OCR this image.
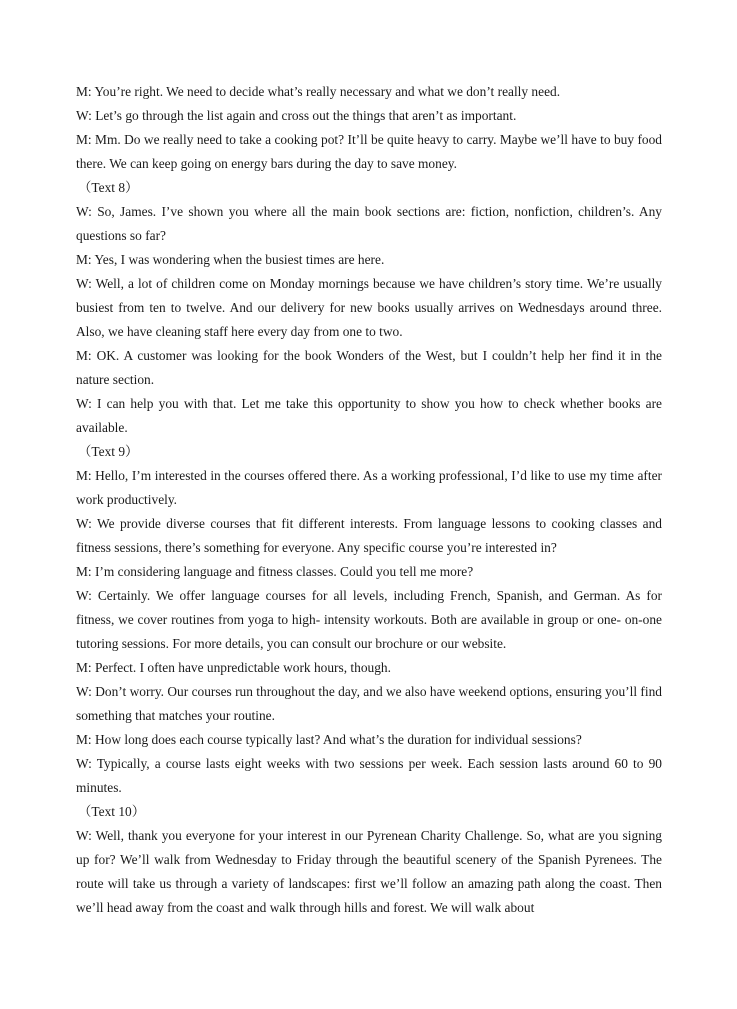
M: You’re right. We need to decide what’s really necessary and what we don’t really need.

W: Let’s go through the list again and cross out the things that aren’t as important.

M: Mm. Do we really need to take a cooking pot? It’ll be quite heavy to carry. Maybe we’ll have to buy food there. We can keep going on energy bars during the day to save money.

（Text 8）

W: So, James. I’ve shown you where all the main book sections are: fiction, nonfiction, children’s. Any questions so far?

M: Yes, I was wondering when the busiest times are here.

W: Well, a lot of children come on Monday mornings because we have children’s story time. We’re usually busiest from ten to twelve. And our delivery for new books usually arrives on Wednesdays around three. Also, we have cleaning staff here every day from one to two.

M: OK. A customer was looking for the book Wonders of the West, but I couldn’t help her find it in the nature section.

W: I can help you with that. Let me take this opportunity to show you how to check whether books are available.

（Text 9）

M: Hello, I’m interested in the courses offered there. As a working professional, I’d like to use my time after work productively.

W: We provide diverse courses that fit different interests. From language lessons to cooking classes and fitness sessions, there’s something for everyone. Any specific course you’re interested in?

M: I’m considering language and fitness classes. Could you tell me more?

W: Certainly. We offer language courses for all levels, including French, Spanish, and German. As for fitness, we cover routines from yoga to high- intensity workouts. Both are available in group or one- on-one tutoring sessions. For more details, you can consult our brochure or our website.

M: Perfect. I often have unpredictable work hours, though.

W: Don’t worry. Our courses run throughout the day, and we also have weekend options, ensuring you’ll find something that matches your routine.

M: How long does each course typically last? And what’s the duration for individual sessions?

W: Typically, a course lasts eight weeks with two sessions per week. Each session lasts around 60 to 90 minutes.

（Text 10）

W: Well, thank you everyone for your interest in our Pyrenean Charity Challenge. So, what are you signing up for? We’ll walk from Wednesday to Friday through the beautiful scenery of the Spanish Pyrenees. The route will take us through a variety of landscapes: first we’ll follow an amazing path along the coast. Then we’ll head away from the coast and walk through hills and forest. We will walk about
